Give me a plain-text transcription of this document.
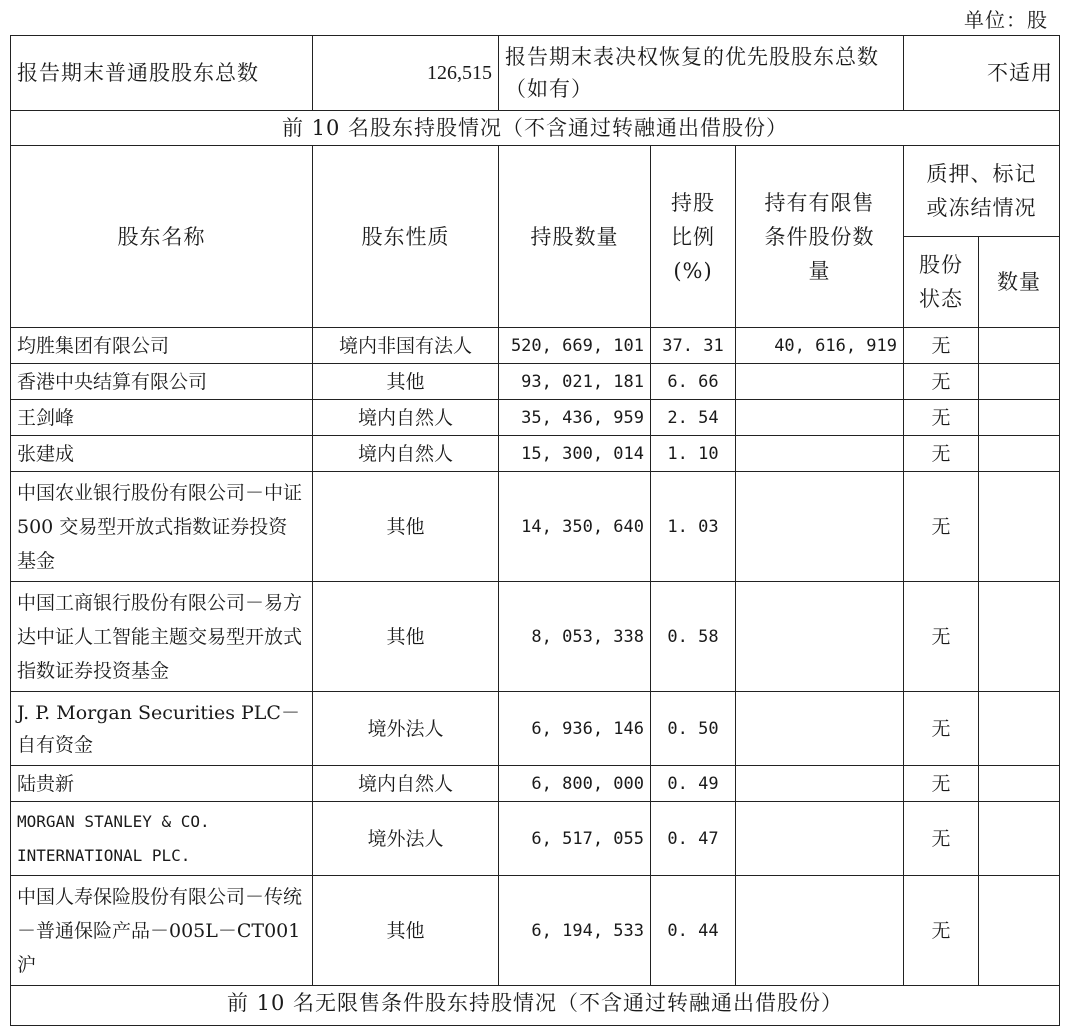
单位：股
报告期末普通股股东总数	126,515	报告期末表决权恢复的优先股股东总数（如有）			不适用	
前 10 名股东持股情况（不含通过转融通出借股份）						
股东名称	股东性质	持股数量	持股比例(%)	持有有限售条件股份数量	质押、标记或冻结情况	
					股份状态	数量
均胜集团有限公司	境内非国有法人	520, 669, 101	37. 31	40, 616, 919	无	
香港中央结算有限公司	其他	93, 021, 181	6. 66		无	
王剑峰	境内自然人	35, 436, 959	2. 54		无	
张建成	境内自然人	15, 300, 014	1. 10		无	
中国农业银行股份有限公司－中证 500 交易型开放式指数证券投资基金	其他	14, 350, 640	1. 03		无	
中国工商银行股份有限公司－易方达中证人工智能主题交易型开放式指数证券投资基金	其他	8, 053, 338	0. 58		无	
J. P. Morgan Securities PLC－自有资金	境外法人	6, 936, 146	0. 50		无	
陆贵新	境内自然人	6, 800, 000	0. 49		无	
MORGAN STANLEY & CO. INTERNATIONAL PLC.	境外法人	6, 517, 055	0. 47		无	
中国人寿保险股份有限公司－传统－普通保险产品－005L－CT001 沪	其他	6, 194, 533	0. 44		无	
前 10 名无限售条件股东持股情况（不含通过转融通出借股份）						
